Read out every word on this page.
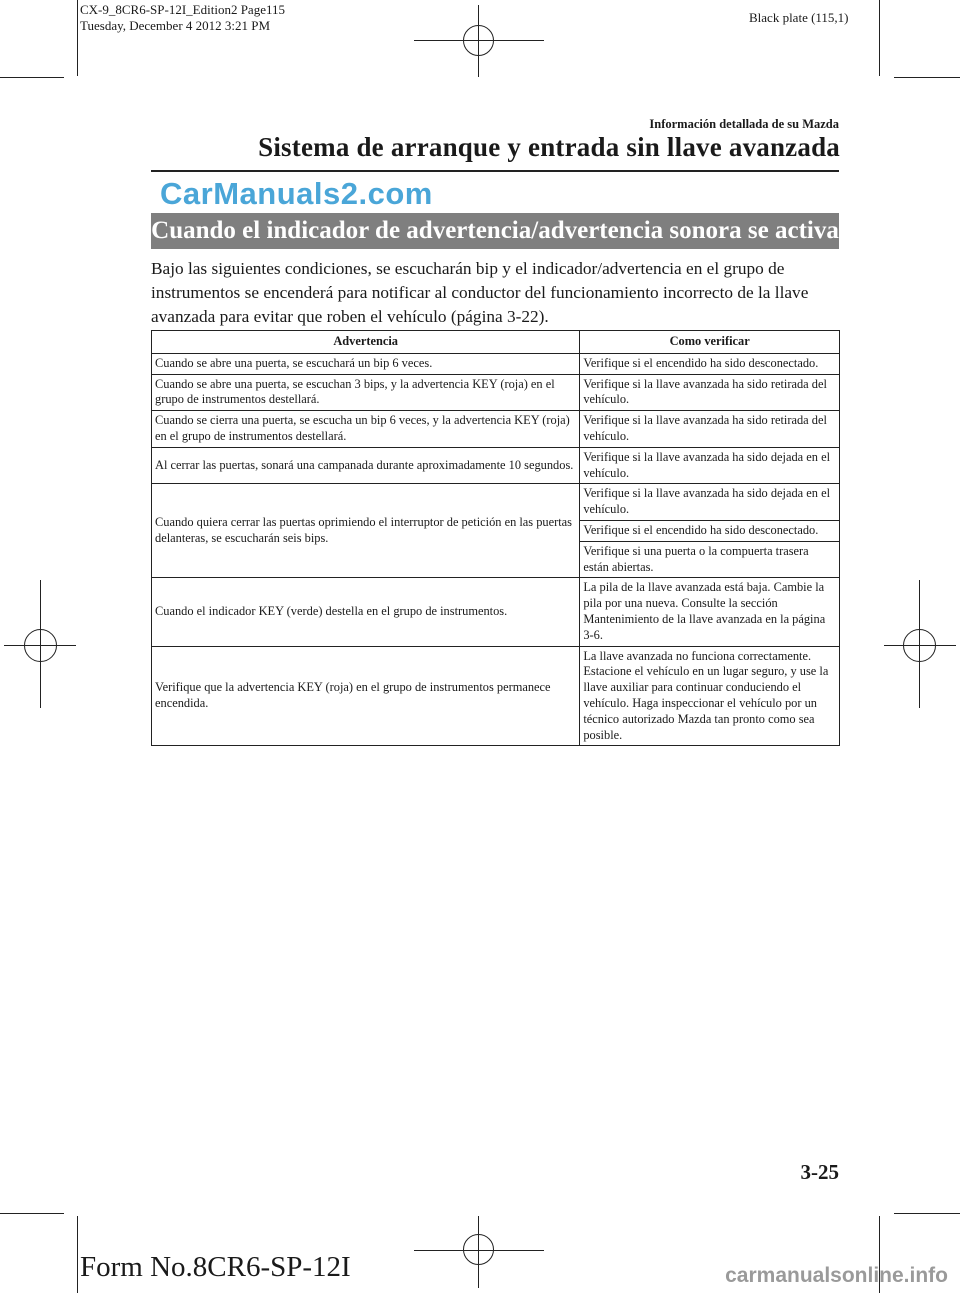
CX-9_8CR6-SP-12I_Edition2 Page115
Tuesday, December 4 2012 3:21 PM
Black plate (115,1)
Información detallada de su Mazda
Sistema de arranque y entrada sin llave avanzada
CarManuals2.com
Cuando el indicador de advertencia/advertencia sonora se activa
Bajo las siguientes condiciones, se escucharán bip y el indicador/advertencia en el grupo de instrumentos se encenderá para notificar al conductor del funcionamiento incorrecto de la llave avanzada para evitar que roben el vehículo (página 3-22).
Advertencia	Como verificar
Cuando se abre una puerta, se escuchará un bip 6 veces.	Verifique si el encendido ha sido desconectado.
Cuando se abre una puerta, se escuchan 3 bips, y la advertencia KEY (roja) en el grupo de instrumentos destellará.	Verifique si la llave avanzada ha sido retirada del vehículo.
Cuando se cierra una puerta, se escucha un bip 6 veces, y la advertencia KEY (roja) en el grupo de instrumentos destellará.	Verifique si la llave avanzada ha sido retirada del vehículo.
Al cerrar las puertas, sonará una campanada durante aproximadamente 10 segundos.	Verifique si la llave avanzada ha sido dejada en el vehículo.
Cuando quiera cerrar las puertas oprimiendo el interruptor de petición en las puertas delanteras, se escucharán seis bips.	Verifique si la llave avanzada ha sido dejada en el vehículo.
	Verifique si el encendido ha sido desconectado.
	Verifique si una puerta o la compuerta trasera están abiertas.
Cuando el indicador KEY (verde) destella en el grupo de instrumentos.	La pila de la llave avanzada está baja. Cambie la pila por una nueva. Consulte la sección Mantenimiento de la llave avanzada en la página 3-6.
Verifique que la advertencia KEY (roja) en el grupo de instrumentos permanece encendida.	La llave avanzada no funciona correctamente. Estacione el vehículo en un lugar seguro, y use la llave auxiliar para continuar conduciendo el vehículo. Haga inspeccionar el vehículo por un técnico autorizado Mazda tan pronto como sea posible.
3-25
Form No.8CR6-SP-12I	carmanualsonline.info
